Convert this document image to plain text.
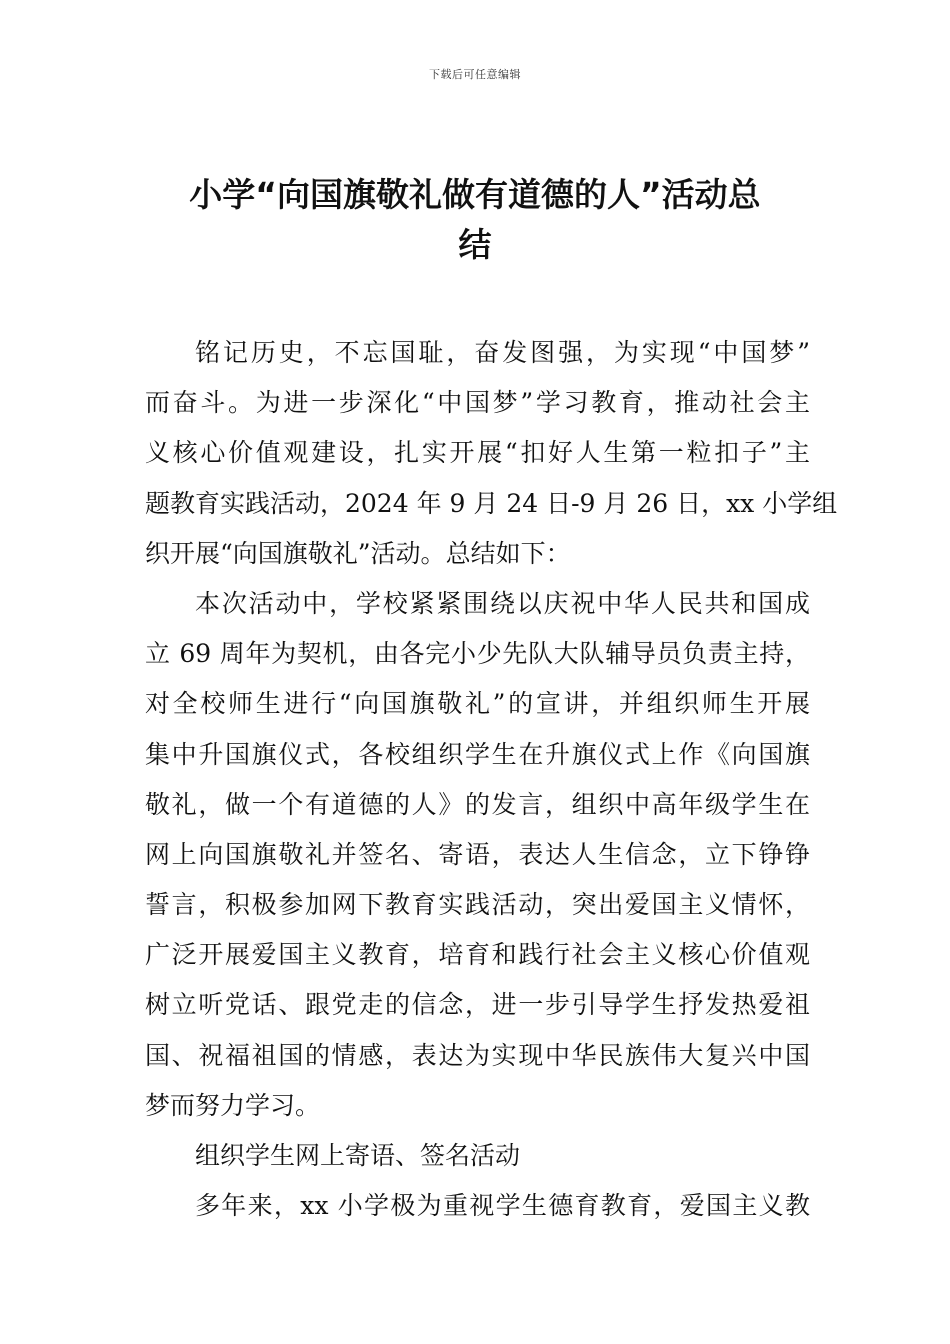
下载后可任意编辑
小学“向国旗敬礼做有道德的人”活动总
结
铭记历史，不忘国耻，奋发图强，为实现“中国梦”
而奋斗。为进一步深化“中国梦”学习教育，推动社会主
义核心价值观建设，扎实开展“扣好人生第一粒扣子”主
题教育实践活动，2024 年 9 月 24 日-9 月 26 日，xx 小学组
织开展“向国旗敬礼”活动。总结如下：
本次活动中，学校紧紧围绕以庆祝中华人民共和国成
立 69 周年为契机，由各完小少先队大队辅导员负责主持，
对全校师生进行“向国旗敬礼”的宣讲，并组织师生开展
集中升国旗仪式，各校组织学生在升旗仪式上作《向国旗
敬礼，做一个有道德的人》的发言，组织中高年级学生在
网上向国旗敬礼并签名、寄语，表达人生信念，立下铮铮
誓言，积极参加网下教育实践活动，突出爱国主义情怀，
广泛开展爱国主义教育，培育和践行社会主义核心价值观
树立听党话、跟党走的信念，进一步引导学生抒发热爱祖
国、祝福祖国的情感，表达为实现中华民族伟大复兴中国
梦而努力学习。
组织学生网上寄语、签名活动
多年来，xx 小学极为重视学生德育教育，爱国主义教
